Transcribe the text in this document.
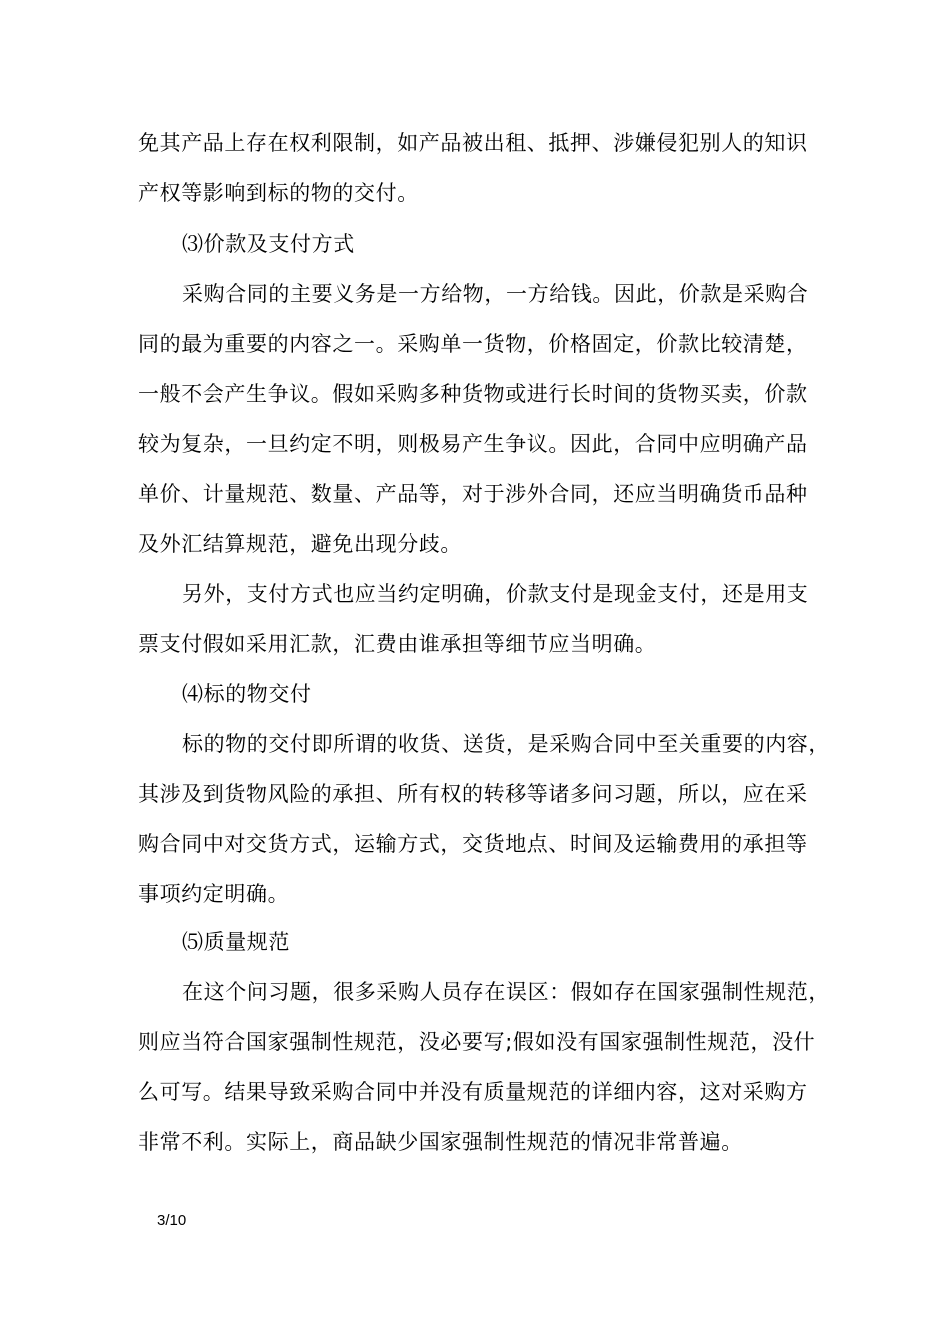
免其产品上存在权利限制，如产品被出租、抵押、涉嫌侵犯别人的知识
产权等影响到标的物的交付。
⑶价款及支付方式
采购合同的主要义务是一方给物，一方给钱。因此，价款是采购合
同的最为重要的内容之一。采购单一货物，价格固定，价款比较清楚，
一般不会产生争议。假如采购多种货物或进行长时间的货物买卖，价款
较为复杂，一旦约定不明，则极易产生争议。因此，合同中应明确产品
单价、计量规范、数量、产品等，对于涉外合同，还应当明确货币品种
及外汇结算规范，避免出现分歧。
另外，支付方式也应当约定明确，价款支付是现金支付，还是用支
票支付假如采用汇款，汇费由谁承担等细节应当明确。
⑷标的物交付
标的物的交付即所谓的收货、送货，是采购合同中至关重要的内容，
其涉及到货物风险的承担、所有权的转移等诸多问习题，所以，应在采
购合同中对交货方式，运输方式，交货地点、时间及运输费用的承担等
事项约定明确。
⑸质量规范
在这个问习题，很多采购人员存在误区：假如存在国家强制性规范，
则应当符合国家强制性规范，没必要写;假如没有国家强制性规范，没什
么可写。结果导致采购合同中并没有质量规范的详细内容，这对采购方
非常不利。实际上，商品缺少国家强制性规范的情况非常普遍。
3/10
